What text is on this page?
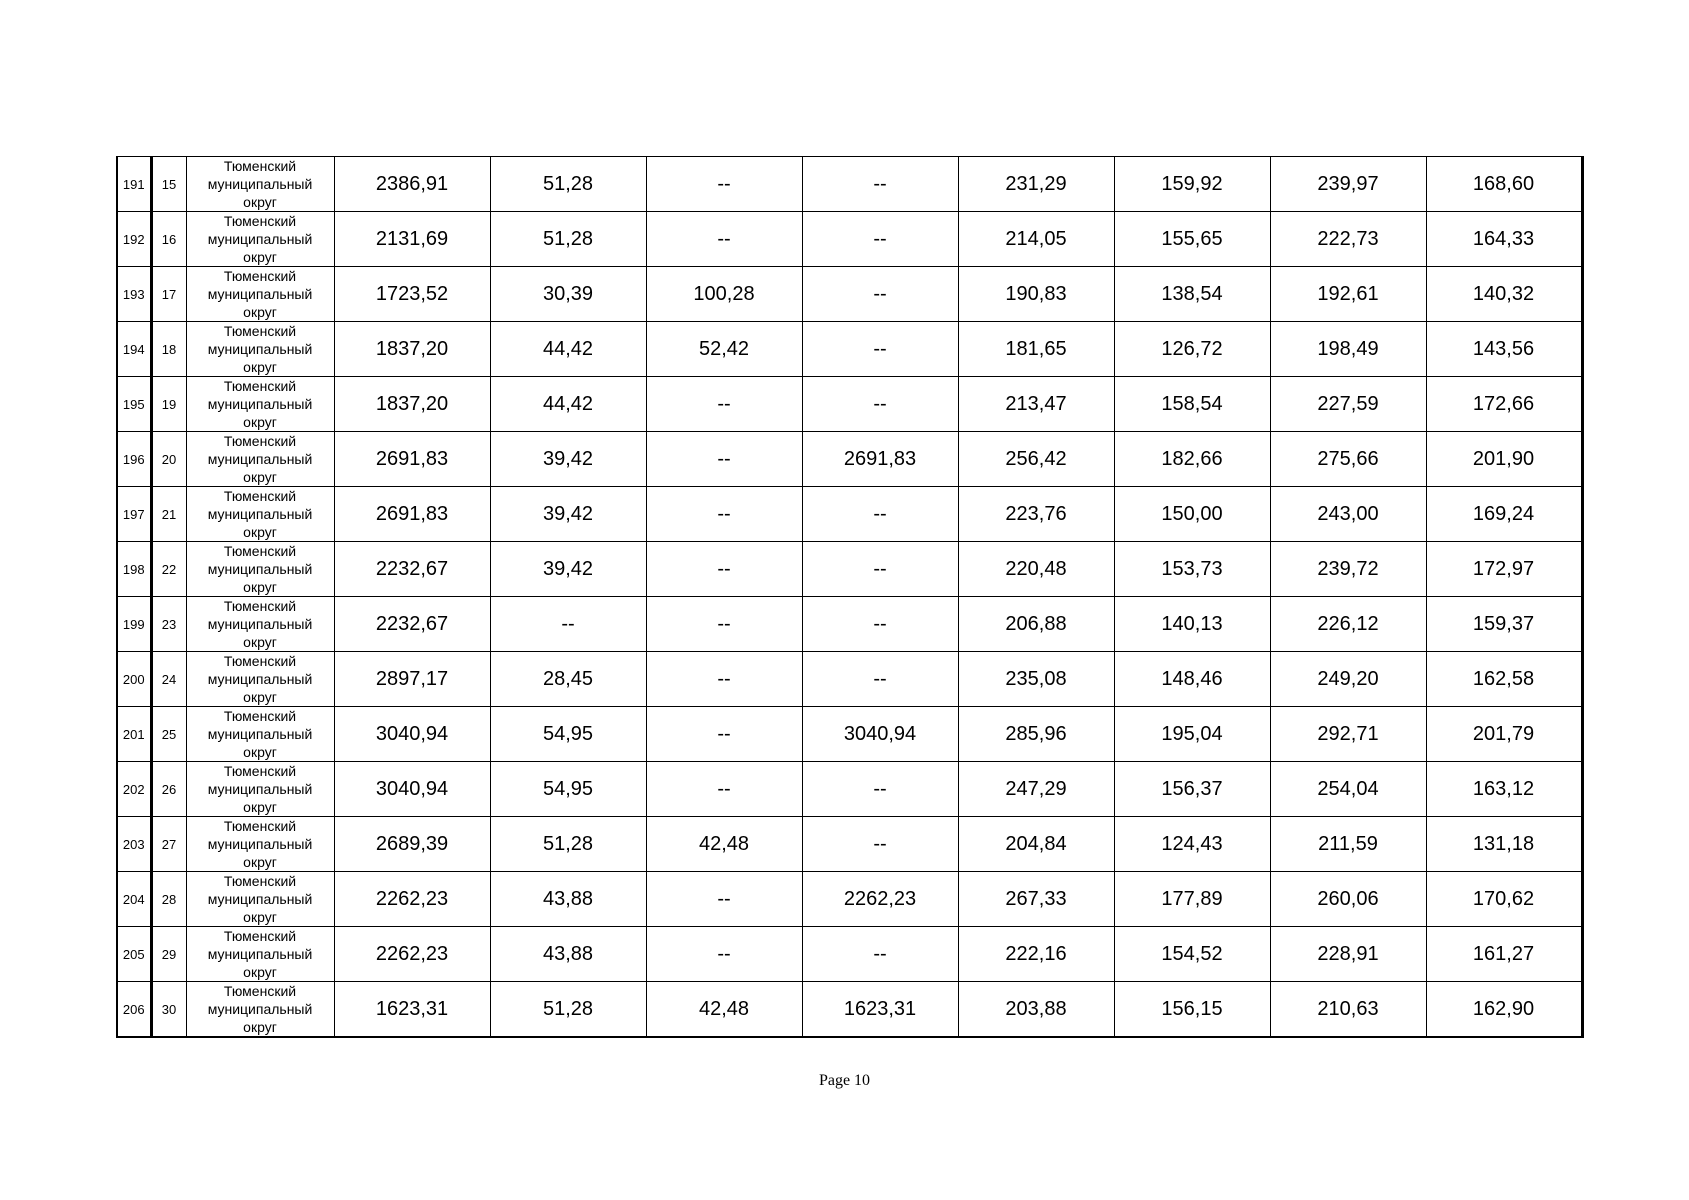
191	15	Тюменский
муниципальный
округ	2386,91	51,28	--	--	231,29	159,92	239,97	168,60
192	16	Тюменский
муниципальный
округ	2131,69	51,28	--	--	214,05	155,65	222,73	164,33
193	17	Тюменский
муниципальный
округ	1723,52	30,39	100,28	--	190,83	138,54	192,61	140,32
194	18	Тюменский
муниципальный
округ	1837,20	44,42	52,42	--	181,65	126,72	198,49	143,56
195	19	Тюменский
муниципальный
округ	1837,20	44,42	--	--	213,47	158,54	227,59	172,66
196	20	Тюменский
муниципальный
округ	2691,83	39,42	--	2691,83	256,42	182,66	275,66	201,90
197	21	Тюменский
муниципальный
округ	2691,83	39,42	--	--	223,76	150,00	243,00	169,24
198	22	Тюменский
муниципальный
округ	2232,67	39,42	--	--	220,48	153,73	239,72	172,97
199	23	Тюменский
муниципальный
округ	2232,67	--	--	--	206,88	140,13	226,12	159,37
200	24	Тюменский
муниципальный
округ	2897,17	28,45	--	--	235,08	148,46	249,20	162,58
201	25	Тюменский
муниципальный
округ	3040,94	54,95	--	3040,94	285,96	195,04	292,71	201,79
202	26	Тюменский
муниципальный
округ	3040,94	54,95	--	--	247,29	156,37	254,04	163,12
203	27	Тюменский
муниципальный
округ	2689,39	51,28	42,48	--	204,84	124,43	211,59	131,18
204	28	Тюменский
муниципальный
округ	2262,23	43,88	--	2262,23	267,33	177,89	260,06	170,62
205	29	Тюменский
муниципальный
округ	2262,23	43,88	--	--	222,16	154,52	228,91	161,27
206	30	Тюменский
муниципальный
округ	1623,31	51,28	42,48	1623,31	203,88	156,15	210,63	162,90
Page 10
